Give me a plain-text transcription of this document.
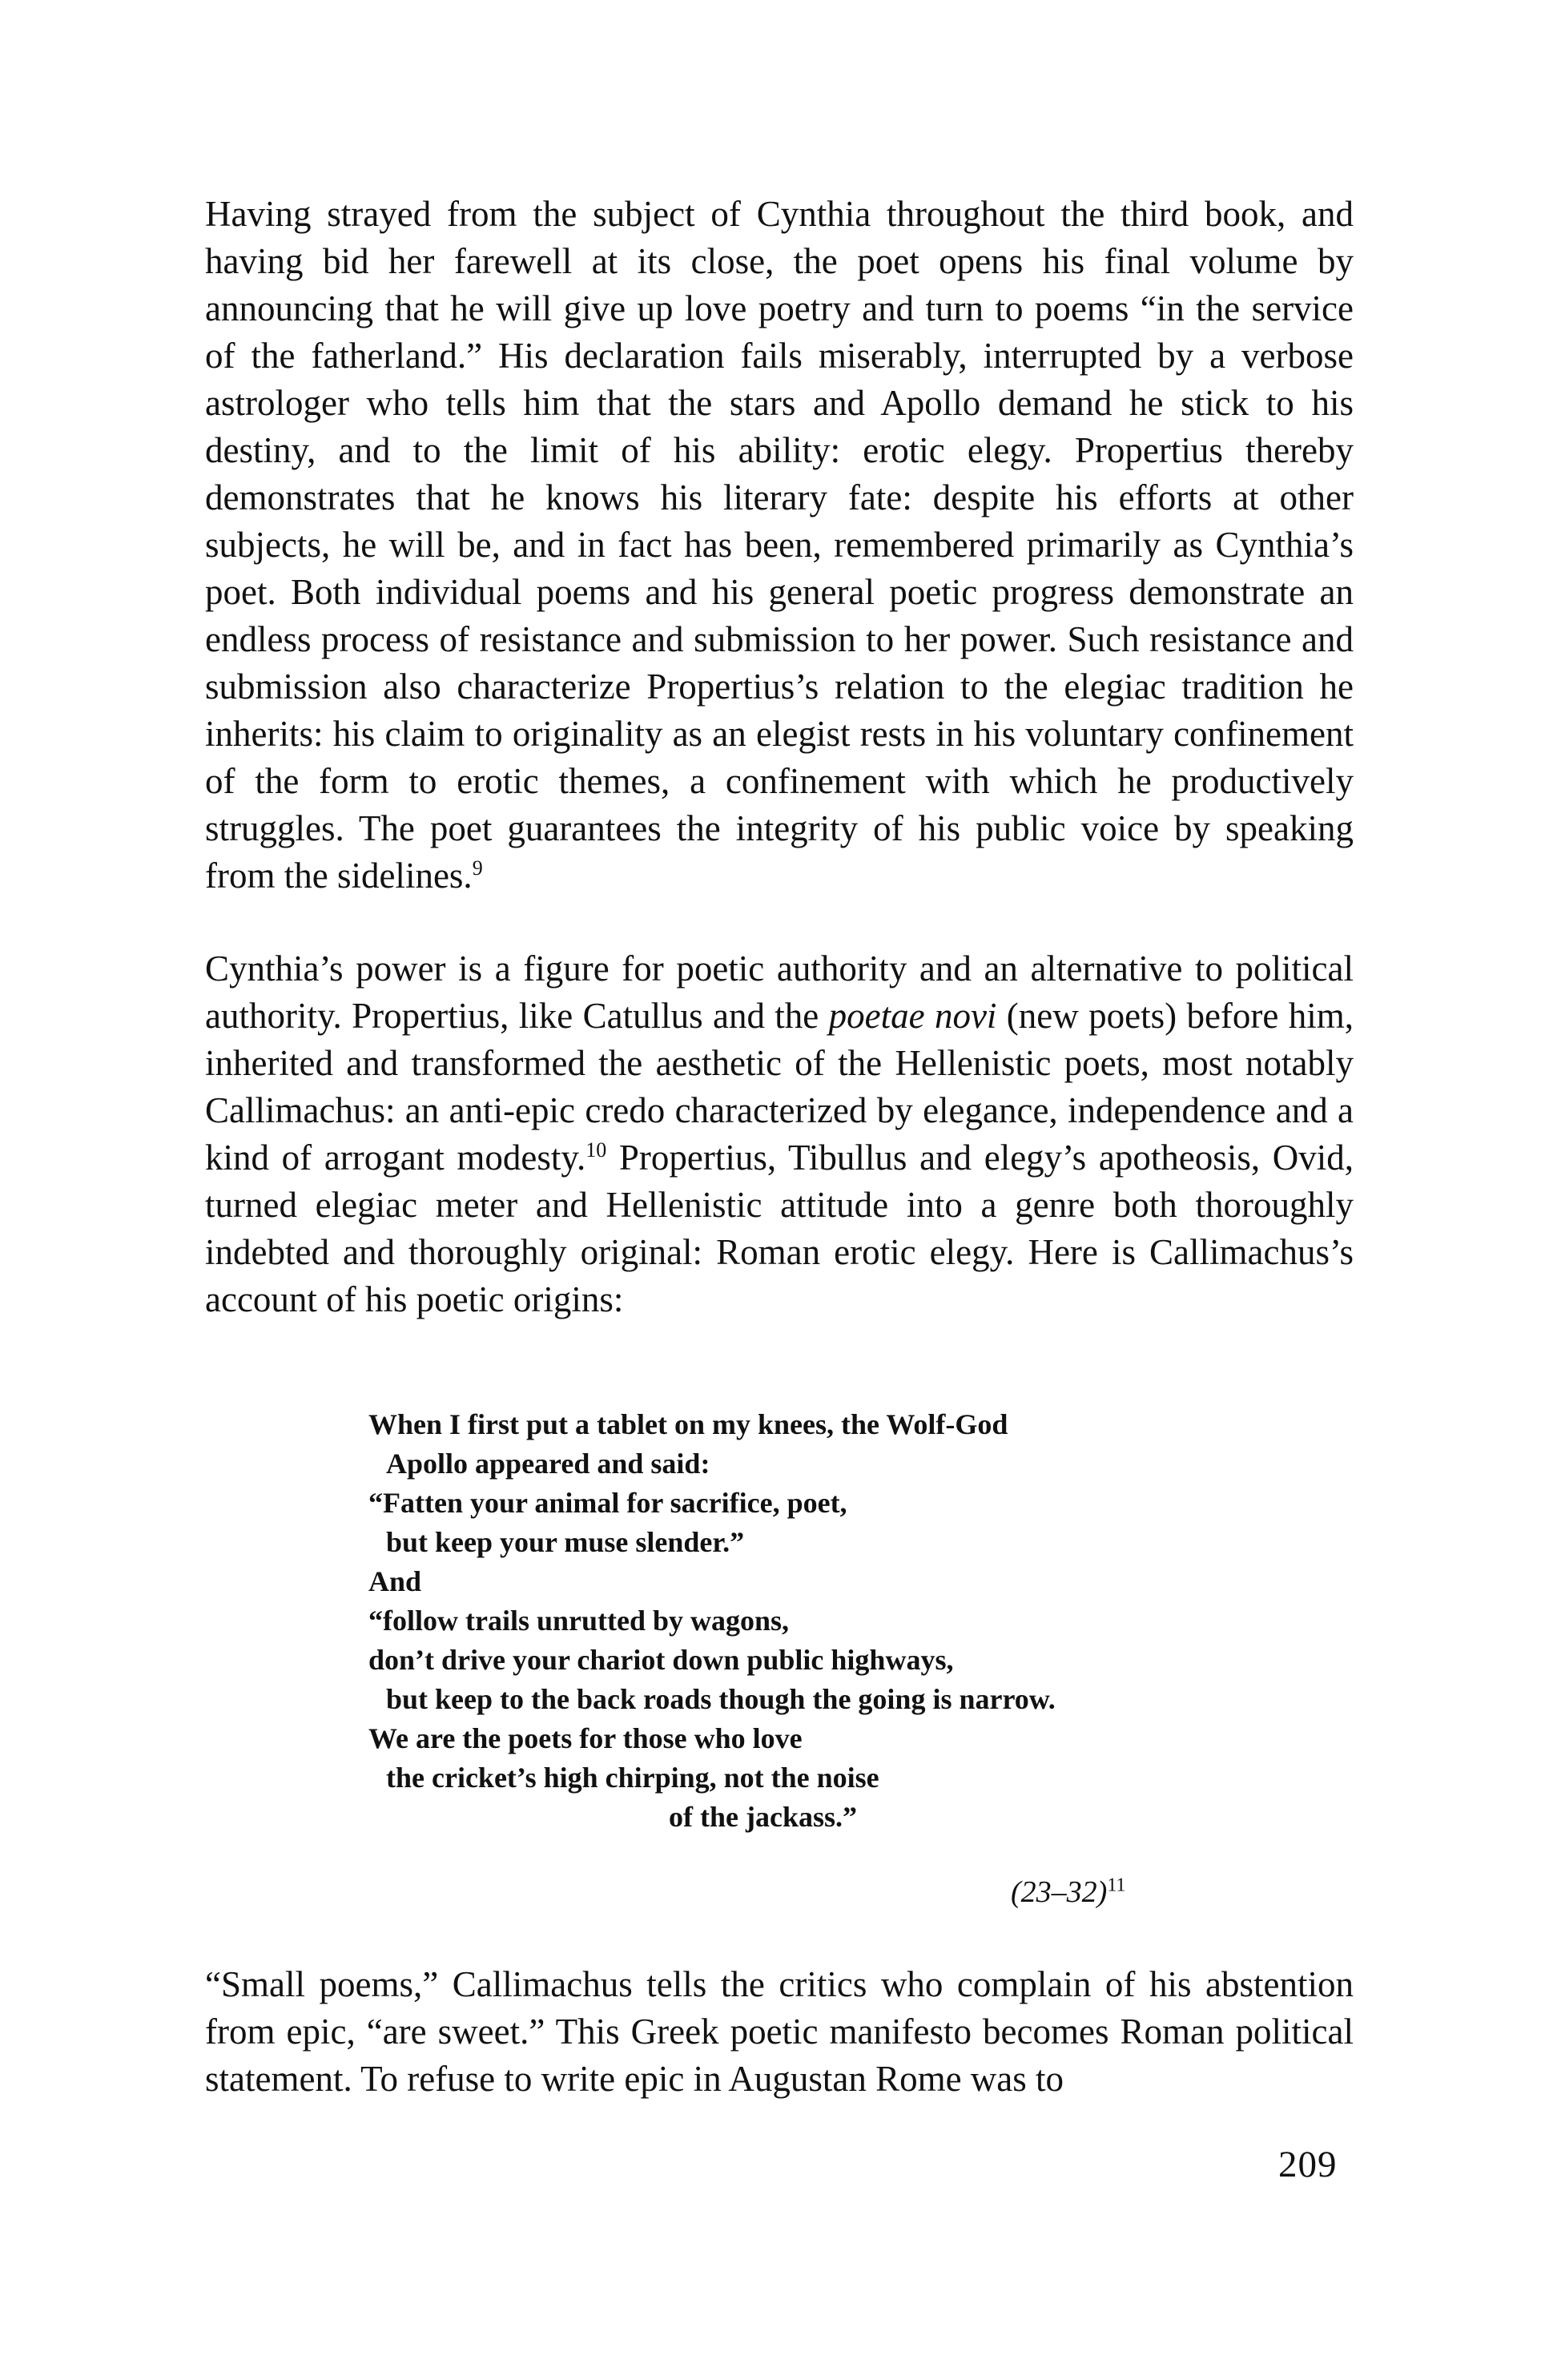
Having strayed from the subject of Cynthia throughout the third book, and having bid her farewell at its close, the poet opens his final volume by announcing that he will give up love poetry and turn to poems “in the service of the fatherland.” His declaration fails miserably, interrupted by a verbose astrologer who tells him that the stars and Apollo demand he stick to his destiny, and to the limit of his ability: erotic elegy. Propertius thereby demonstrates that he knows his literary fate: despite his efforts at other subjects, he will be, and in fact has been, remembered primarily as Cynthia’s poet. Both individual poems and his general poetic progress demonstrate an endless process of resistance and submission to her power. Such resistance and submission also characterize Propertius’s relation to the elegiac tradition he inherits: his claim to originality as an elegist rests in his voluntary confinement of the form to erotic themes, a confinement with which he productively struggles. The poet guarantees the integrity of his public voice by speaking from the sidelines.$^9$

Cynthia’s power is a figure for poetic authority and an alternative to political authority. Propertius, like Catullus and the poetae novi (new poets) before him, inherited and transformed the aesthetic of the Hellenistic poets, most notably Callimachus: an anti-epic credo characterized by elegance, independence and a kind of arrogant modesty.$^{10}$ Propertius, Tibullus and elegy’s apotheosis, Ovid, turned elegiac meter and Hellenistic attitude into a genre both thoroughly indebted and thoroughly original: Roman erotic elegy. Here is Callimachus’s account of his poetic origins:

When I first put a tablet on my knees, the Wolf-God
Apollo appeared and said:
“Fatten your animal for sacrifice, poet,
but keep your muse slender.”
And
“follow trails unrutted by wagons,
don’t drive your chariot down public highways,
but keep to the back roads though the going is narrow.
We are the poets for those who love
the cricket’s high chirping, not the noise
of the jackass.”
$(23-32)^{11}$

“Small poems,” Callimachus tells the critics who complain of his abstention from epic, “are sweet.” This Greek poetic manifesto becomes Roman political statement. To refuse to write epic in Augustan Rome was to

209
